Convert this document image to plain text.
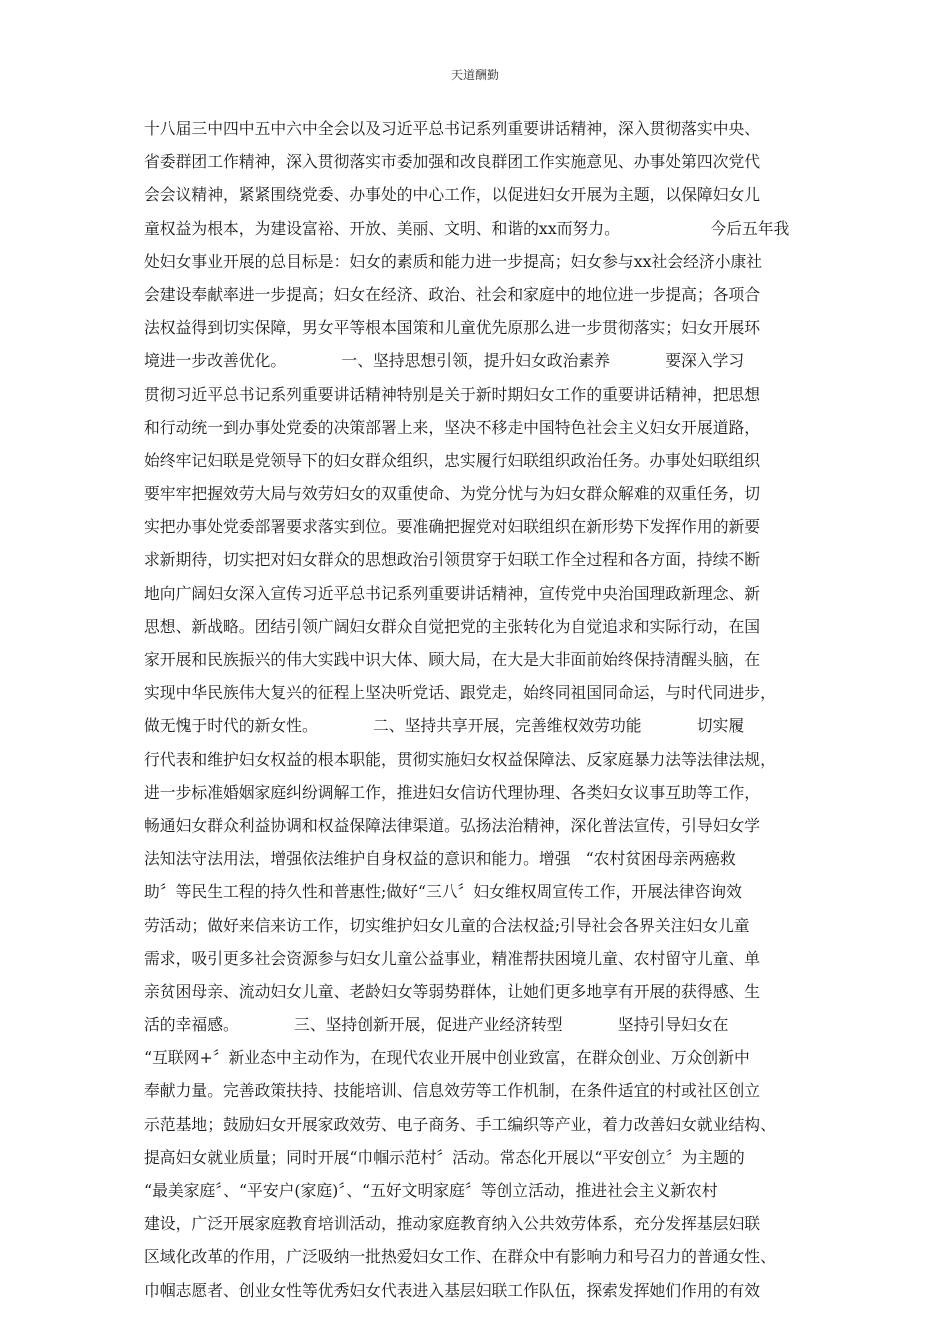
天道酬勤
十八届三中四中五中六中全会以及习近平总书记系列重要讲话精神，深入贯彻落实中央、
省委群团工作精神，深入贯彻落实市委加强和改良群团工作实施意见、办事处第四次党代
会会议精神，紧紧围绕党委、办事处的中心工作，以促进妇女开展为主题，以保障妇女儿
童权益为根本，为建设富裕、开放、美丽、文明、和谐的xx而努力。                  今后五年我
处妇女事业开展的总目标是：妇女的素质和能力进一步提高；妇女参与xx社会经济小康社
会建设奉献率进一步提高；妇女在经济、政治、社会和家庭中的地位进一步提高；各项合
法权益得到切实保障，男女平等根本国策和儿童优先原那么进一步贯彻落实；妇女开展环
境进一步改善优化。           一、坚持思想引领，提升妇女政治素养           要深入学习
贯彻习近平总书记系列重要讲话精神特别是关于新时期妇女工作的重要讲话精神，把思想
和行动统一到办事处党委的决策部署上来，坚决不移走中国特色社会主义妇女开展道路，
始终牢记妇联是党领导下的妇女群众组织，忠实履行妇联组织政治任务。办事处妇联组织
要牢牢把握效劳大局与效劳妇女的双重使命、为党分忧与为妇女群众解难的双重任务，切
实把办事处党委部署要求落实到位。要准确把握党对妇联组织在新形势下发挥作用的新要
求新期待，切实把对妇女群众的思想政治引领贯穿于妇联工作全过程和各方面，持续不断
地向广阔妇女深入宣传习近平总书记系列重要讲话精神，宣传党中央治国理政新理念、新
思想、新战略。团结引领广阔妇女群众自觉把党的主张转化为自觉追求和实际行动，在国
家开展和民族振兴的伟大实践中识大体、顾大局，在大是大非面前始终保持清醒头脑，在
实现中华民族伟大复兴的征程上坚决听党话、跟党走，始终同祖国同命运，与时代同进步，
做无愧于时代的新女性。           二、坚持共享开展，完善维权效劳功能           切实履
行代表和维护妇女权益的根本职能，贯彻实施妇女权益保障法、反家庭暴力法等法律法规，
进一步标准婚姻家庭纠纷调解工作，推进妇女信访代理协理、各类妇女议事互助等工作，
畅通妇女群众利益协调和权益保障法律渠道。弘扬法治精神，深化普法宣传，引导妇女学
法知法守法用法，增强依法维护自身权益的意识和能力。增强   “农村贫困母亲两癌救
助〞等民生工程的持久性和普惠性;做好“三八〞妇女维权周宣传工作，开展法律咨询效
劳活动；做好来信来访工作，切实维护妇女儿童的合法权益;引导社会各界关注妇女儿童
需求，吸引更多社会资源参与妇女儿童公益事业，精准帮扶困境儿童、农村留守儿童、单
亲贫困母亲、流动妇女儿童、老龄妇女等弱势群体，让她们更多地享有开展的获得感、生
活的幸福感。           三、坚持创新开展，促进产业经济转型           坚持引导妇女在
“互联网+〞新业态中主动作为，在现代农业开展中创业致富，在群众创业、万众创新中
奉献力量。完善政策扶持、技能培训、信息效劳等工作机制，在条件适宜的村或社区创立
示范基地；鼓励妇女开展家政效劳、电子商务、手工编织等产业，着力改善妇女就业结构、
提高妇女就业质量；同时开展“巾帼示范村〞活动。常态化开展以“平安创立〞为主题的
“最美家庭〞、“平安户(家庭)〞、“五好文明家庭〞等创立活动，推进社会主义新农村
建设，广泛开展家庭教育培训活动，推动家庭教育纳入公共效劳体系，充分发挥基层妇联
区域化改革的作用，广泛吸纳一批热爱妇女工作、在群众中有影响力和号召力的普通女性、
巾帼志愿者、创业女性等优秀妇女代表进入基层妇联工作队伍，探索发挥她们作用的有效
